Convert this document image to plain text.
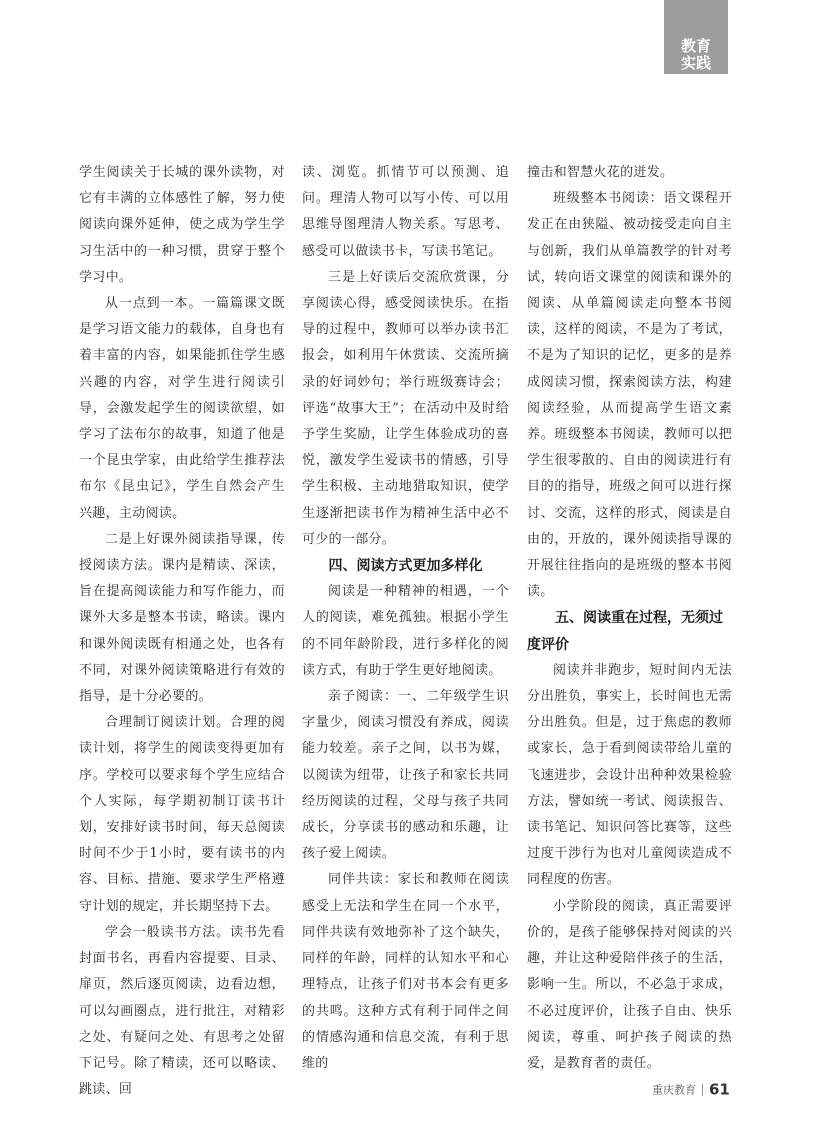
教育
实践

学生阅读关于长城的课外读物，对它有丰满的立体感性了解，努力使阅读向课外延伸，使之成为学生学习生活中的一种习惯，贯穿于整个学习中。

从一点到一本。一篇篇课文既是学习语文能力的载体，自身也有着丰富的内容，如果能抓住学生感兴趣的内容，对学生进行阅读引导，会激发起学生的阅读欲望，如学习了法布尔的故事，知道了他是一个昆虫学家，由此给学生推荐法布尔《昆虫记》，学生自然会产生兴趣，主动阅读。

二是上好课外阅读指导课，传授阅读方法。课内是精读、深读，旨在提高阅读能力和写作能力，而课外大多是整本书读，略读。课内和课外阅读既有相通之处，也各有不同，对课外阅读策略进行有效的指导，是十分必要的。

合理制订阅读计划。合理的阅读计划，将学生的阅读变得更加有序。学校可以要求每个学生应结合个人实际，每学期初制订读书计划，安排好读书时间，每天总阅读时间不少于1小时，要有读书的内容、目标、措施、要求学生严格遵守计划的规定，并长期坚持下去。

学会一般读书方法。读书先看封面书名，再看内容提要、目录、扉页，然后逐页阅读，边看边想，可以勾画圈点，进行批注，对精彩之处、有疑问之处、有思考之处留下记号。除了精读，还可以略读、跳读、回

读、浏览。抓情节可以预测、追问。理清人物可以写小传、可以用思维导图理清人物关系。写思考、感受可以做读书卡，写读书笔记。

三是上好读后交流欣赏课，分享阅读心得，感受阅读快乐。在指导的过程中，教师可以举办读书汇报会，如利用午休赏读、交流所摘录的好词妙句；举行班级赛诗会；评选“故事大王”；在活动中及时给予学生奖励，让学生体验成功的喜悦，激发学生爱读书的情感，引导学生积极、主动地猎取知识，使学生逐渐把读书作为精神生活中必不可少的一部分。

四、阅读方式更加多样化

阅读是一种精神的相遇，一个人的阅读，难免孤独。根据小学生的不同年龄阶段，进行多样化的阅读方式，有助于学生更好地阅读。

亲子阅读：一、二年级学生识字量少，阅读习惯没有养成，阅读能力较差。亲子之间，以书为媒，以阅读为纽带，让孩子和家长共同经历阅读的过程，父母与孩子共同成长，分享读书的感动和乐趣，让孩子爱上阅读。

同伴共读：家长和教师在阅读感受上无法和学生在同一个水平，同伴共读有效地弥补了这个缺失，同样的年龄，同样的认知水平和心理特点，让孩子们对书本会有更多的共鸣。这种方式有利于同伴之间的情感沟通和信息交流，有利于思维的

撞击和智慧火花的迸发。

班级整本书阅读：语文课程开发正在由狭隘、被动接受走向自主与创新，我们从单篇教学的针对考试，转向语文课堂的阅读和课外的阅读、从单篇阅读走向整本书阅读，这样的阅读，不是为了考试，不是为了知识的记忆，更多的是养成阅读习惯，探索阅读方法，构建阅读经验，从而提高学生语文素养。班级整本书阅读，教师可以把学生很零散的、自由的阅读进行有目的的指导，班级之间可以进行探讨、交流，这样的形式，阅读是自由的，开放的，课外阅读指导课的开展往往指向的是班级的整本书阅读。

五、阅读重在过程，无须过度评价

阅读并非跑步，短时间内无法分出胜负，事实上，长时间也无需分出胜负。但是，过于焦虑的教师或家长，急于看到阅读带给儿童的飞速进步，会设计出种种效果检验方法，譬如统一考试、阅读报告、读书笔记、知识问答比赛等，这些过度干涉行为也对儿童阅读造成不同程度的伤害。

小学阶段的阅读，真正需要评价的，是孩子能够保持对阅读的兴趣，并让这种爱陪伴孩子的生活，影响一生。所以，不必急于求成，不必过度评价，让孩子自由、快乐阅读，尊重、呵护孩子阅读的热爱，是教育者的责任。

重庆教育 61
